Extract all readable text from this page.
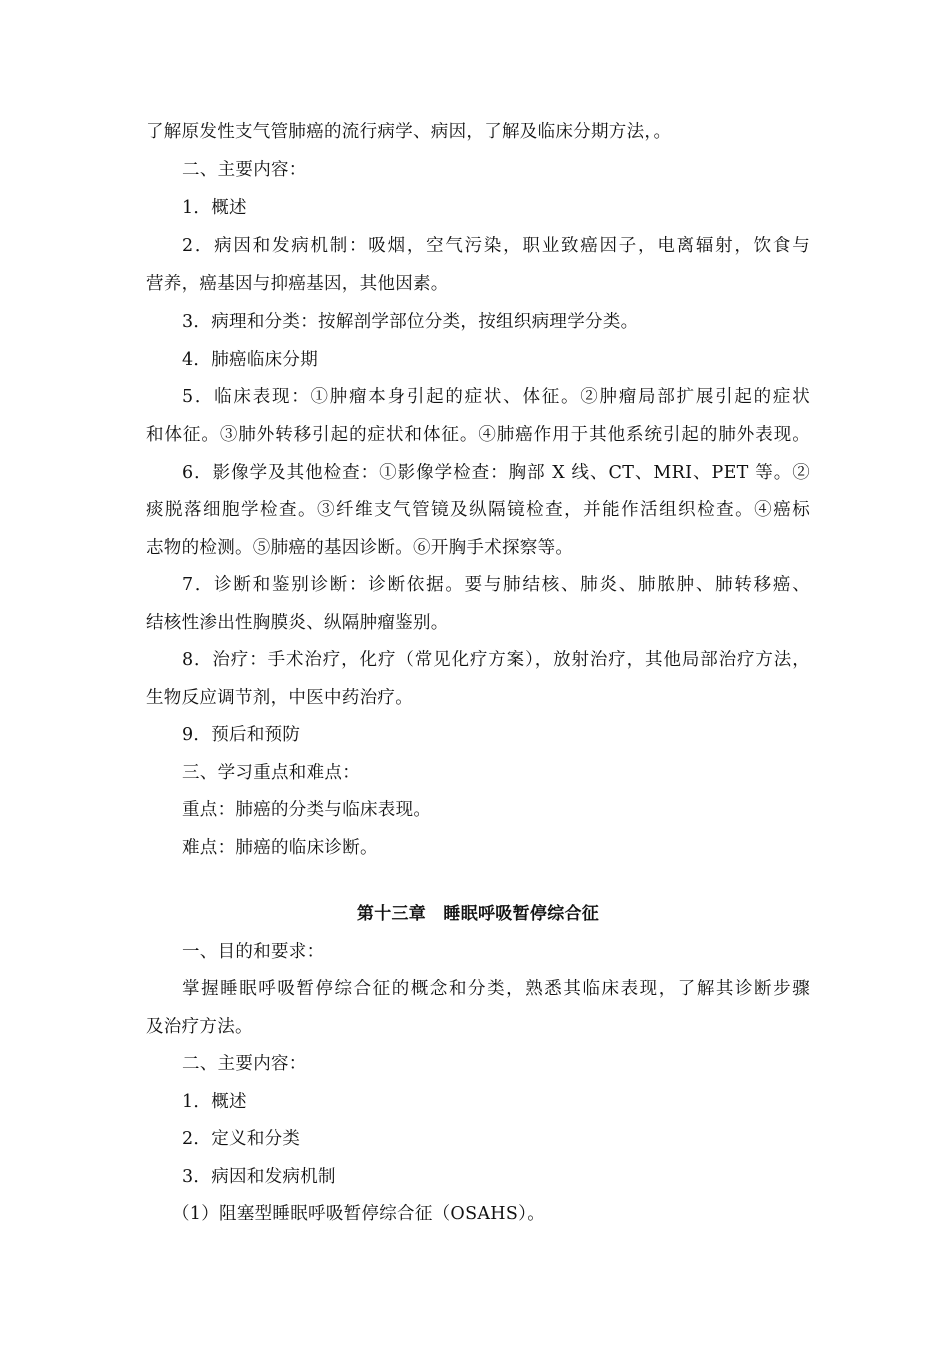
了解原发性支气管肺癌的流行病学、病因，了解及临床分期方法，。
二、主要内容：
1．概述
2．病因和发病机制：吸烟，空气污染，职业致癌因子，电离辐射，饮食与
营养，癌基因与抑癌基因，其他因素。
3．病理和分类：按解剖学部位分类，按组织病理学分类。
4．肺癌临床分期
5．临床表现：①肿瘤本身引起的症状、体征。②肿瘤局部扩展引起的症状
和体征。③肺外转移引起的症状和体征。④肺癌作用于其他系统引起的肺外表现。
6．影像学及其他检查：①影像学检查：胸部 X 线、CT、MRI、PET 等。②
痰脱落细胞学检查。③纤维支气管镜及纵隔镜检查，并能作活组织检查。④癌标
志物的检测。⑤肺癌的基因诊断。⑥开胸手术探察等。
7．诊断和鉴别诊断：诊断依据。要与肺结核、肺炎、肺脓肿、肺转移癌、
结核性渗出性胸膜炎、纵隔肿瘤鉴别。
8．治疗：手术治疗，化疗（常见化疗方案），放射治疗，其他局部治疗方法，
生物反应调节剂，中医中药治疗。
9．预后和预防
三、学习重点和难点：
重点：肺癌的分类与临床表现。
难点：肺癌的临床诊断。
第十三章　睡眠呼吸暂停综合征
一、目的和要求：
掌握睡眠呼吸暂停综合征的概念和分类，熟悉其临床表现，了解其诊断步骤
及治疗方法。
二、主要内容：
1．概述
2．定义和分类
3．病因和发病机制
（1）阻塞型睡眠呼吸暂停综合征（OSAHS）。
